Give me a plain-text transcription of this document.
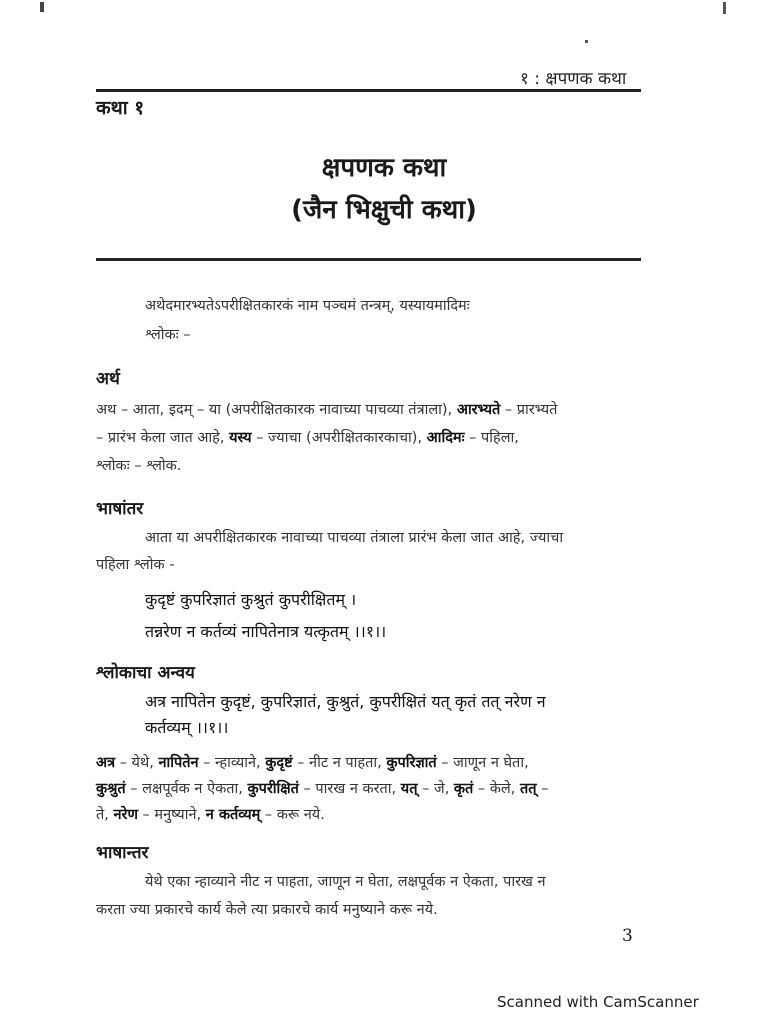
१ : क्षपणक कथा
कथा १
क्षपणक कथा
(जैन भिक्षुची कथा)
अथेदमारभ्यतेऽपरीक्षितकारकं नाम पञ्चमं तन्त्रम्, यस्यायमादिमः
श्लोकः –
अर्थ
अथ – आता, इदम् – या (अपरीक्षितकारक नावाच्या पाचव्या तंत्राला), आरभ्यते – प्रारभ्यते
– प्रारंभ केला जात आहे, यस्य – ज्याचा (अपरीक्षितकारकाचा), आदिमः – पहिला,
श्लोकः – श्लोक.
भाषांतर
आता या अपरीक्षितकारक नावाच्या पाचव्या तंत्राला प्रारंभ केला जात आहे, ज्याचा
पहिला श्लोक -
कुदृष्टं कुपरिज्ञातं कुश्रुतं कुपरीक्षितम् ।
तन्नरेण न कर्तव्यं नापितेनात्र यत्कृतम् ।।१।।
श्लोकाचा अन्वय
अत्र नापितेन कुदृष्टं, कुपरिज्ञातं, कुश्रुतं, कुपरीक्षितं यत् कृतं तत् नरेण न
कर्तव्यम् ।।१।।
अत्र – येथे, नापितेन – न्हाव्याने, कुदृष्टं – नीट न पाहता, कुपरिज्ञातं – जाणून न घेता,
कुश्रुतं – लक्षपूर्वक न ऐकता, कुपरीक्षितं – पारख न करता, यत् – जे, कृतं – केले, तत् –
ते, नरेण – मनुष्याने, न कर्तव्यम् – करू नये.
भाषान्तर
येथे एका न्हाव्याने नीट न पाहता, जाणून न घेता, लक्षपूर्वक न ऐकता, पारख न
करता ज्या प्रकारचे कार्य केले त्या प्रकारचे कार्य मनुष्याने करू नये.
3
Scanned with CamScanner
